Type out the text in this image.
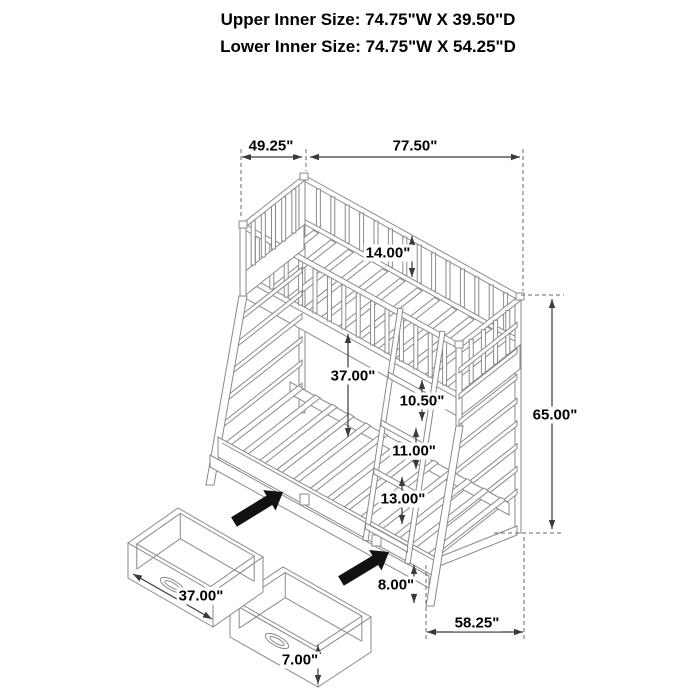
Upper Inner Size: 74.75"W X 39.50"D
Lower Inner Size: 74.75"W X 54.25"D
49.25"	77.50"
14.00"
37.00"
10.50"
11.00"
13.00"
8.00"
65.00"
58.25"
37.00"
7.00"
